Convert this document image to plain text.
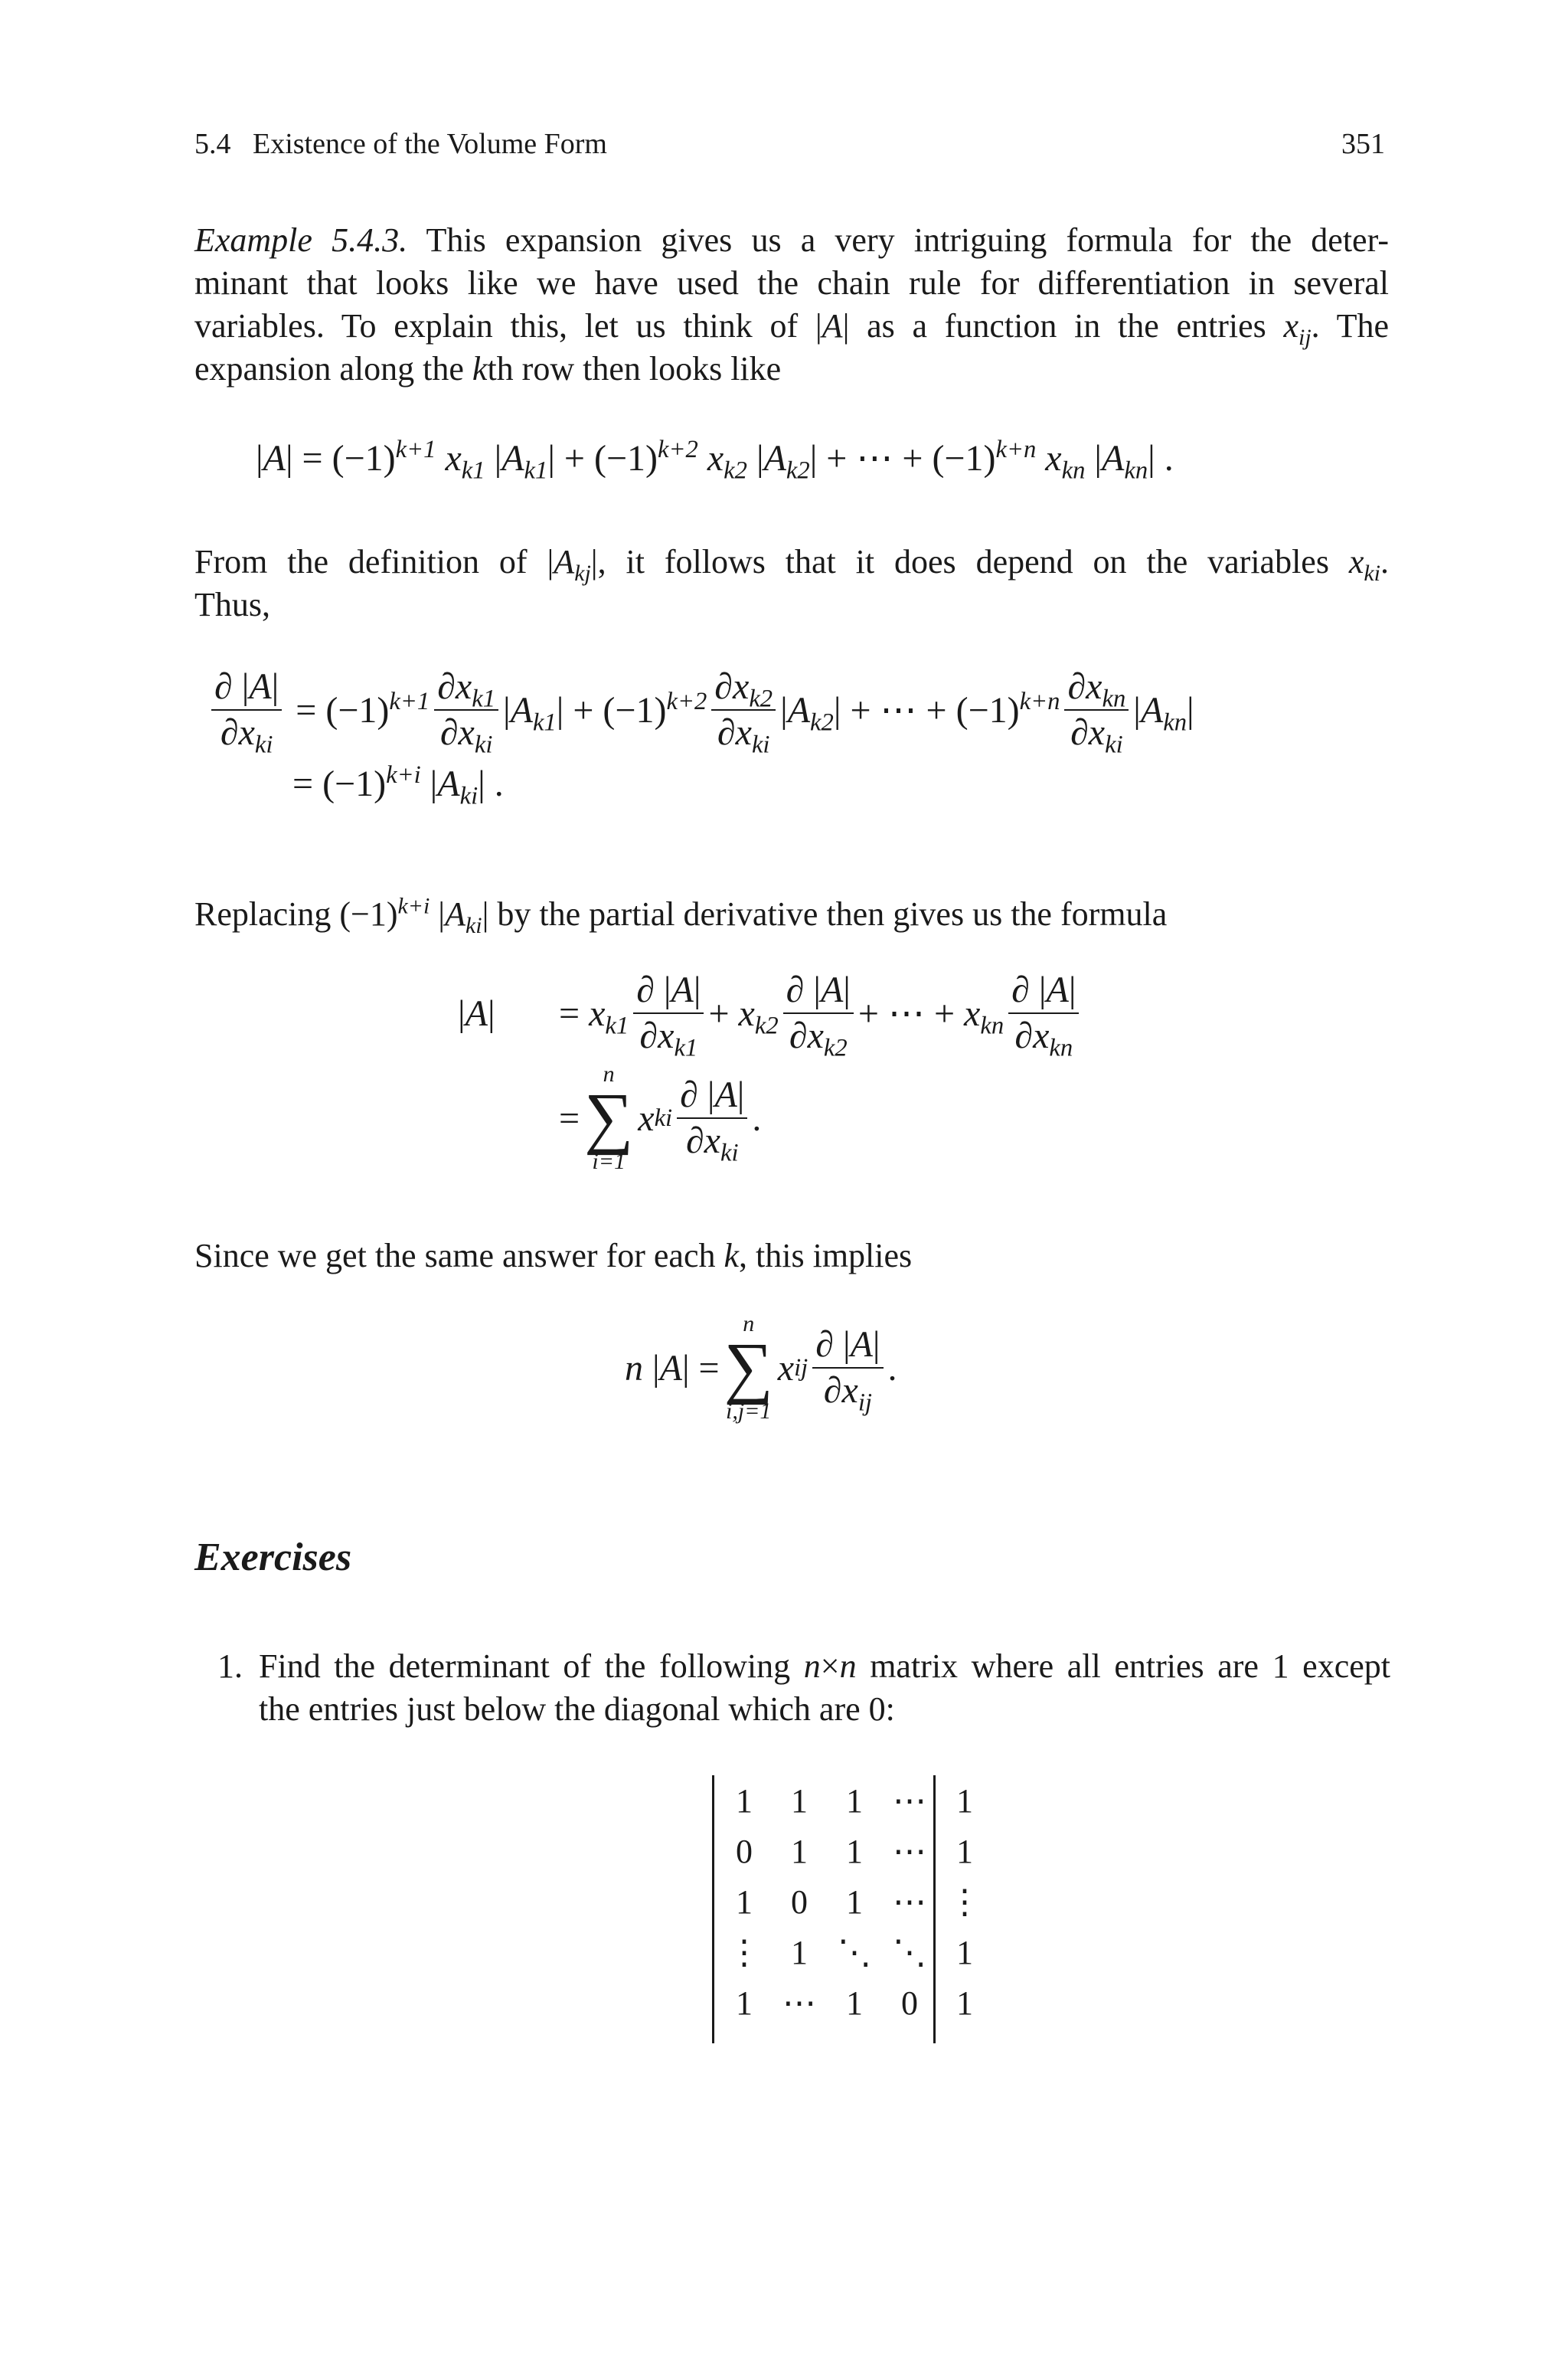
5.4   Existence of the Volume Form	351
Example 5.4.3. This expansion gives us a very intriguing formula for the deter-
minant that looks like we have used the chain rule for differentiation in several
variables. To explain this, let us think of |A| as a function in the entries $x_{ij}$. The
expansion along the kth row then looks like
$|A| = (-1)^{k+1}$ $x_{k1}$ $|A_{k1}| + (-1)^{k+2}$ $x_{k2}$ $|A_{k2}|$ + ⋯ + $(-1)^{k+n}$ $x_{kn}$ $|A_{kn}|$ .
From the definition of $|A_{kj}|$, it follows that it does depend on the variables $x_{ki}$.
Thus,
$\frac{\partial |A|}{\partial x_{ki}} = (-1)^{k+1} \frac{\partial x_{k1}}{\partial x_{ki}} |A_{k1}| + (-1)^{k+2} \frac{\partial x_{k2}}{\partial x_{ki}} |A_{k2}|$ + ⋯ + $(-1)^{k+n} \frac{\partial x_{kn}}{\partial x_{ki}} |A_{kn}|$
= $(-1)^{k+i}$ $|A_{ki}|$ .
Replacing $(-1)^{k+i}$ $|A_{ki}|$ by the partial derivative then gives us the formula
|A|	= $x_{k1} \frac{\partial |A|}{\partial x_{k1}} + x_{k2} \frac{\partial |A|}{\partial x_{k2}}$ + ⋯ + $x_{kn} \frac{\partial |A|}{\partial x_{kn}}$
=
n
∑
i=1
x ki $\frac{\partial |A|}{\partial x_{ki}}$ .
Since we get the same answer for each k, this implies
n |A| =
n
∑
i,j=1
x ij $\frac{\partial |A|}{\partial x_{ij}}$ .
Exercises
1. Find the determinant of the following n×n matrix where all entries are 1 except
the entries just below the diagonal which are 0:
1	1	1	⋯	1
0	1	1	⋯	1
1	0	1	⋯	⋮
⋮	1	⋱	⋱	1
1	⋯	1	0	1
